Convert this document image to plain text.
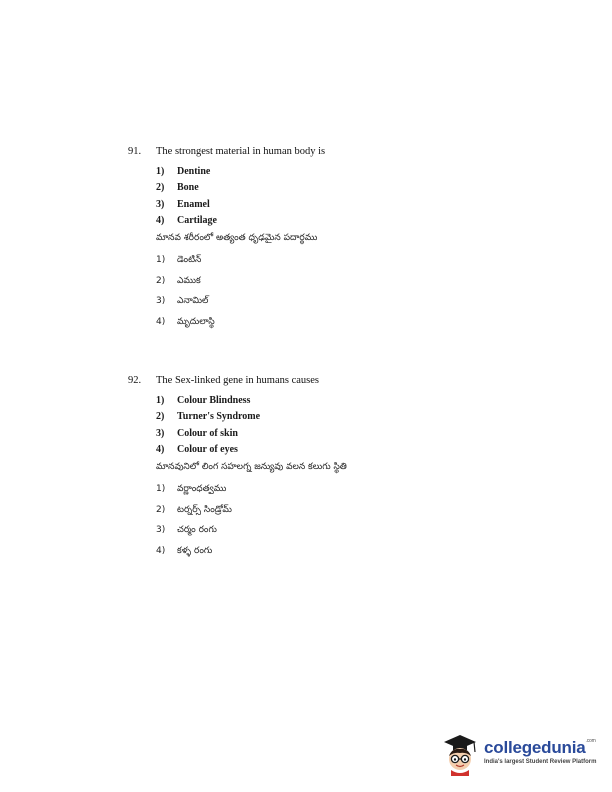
91. The strongest material in human body is
1)	Dentine
2)	Bone
3)	Enamel
4)	Cartilage
మానవ శరీరంలో అత్యంత ధృఢమైన పదార్థము
1) డెంటిన్
2) ఎముక
3) ఎనామిల్
4) మృదులాస్థి
92. The Sex-linked gene in humans causes
1)	Colour Blindness
2)	Turner's Syndrome
3)	Colour of skin
4)	Colour of eyes
మానవునిలో లింగ సహలగ్న జన్యువు వలన కలుగు స్థితి
1) వర్ణాంధత్వము
2) టర్నర్స్ సిండ్రోమ్
3) చర్మం రంగు
4) కళ్ళ రంగు
collegedunia$^{.com}$
India's largest Student Review Platform
